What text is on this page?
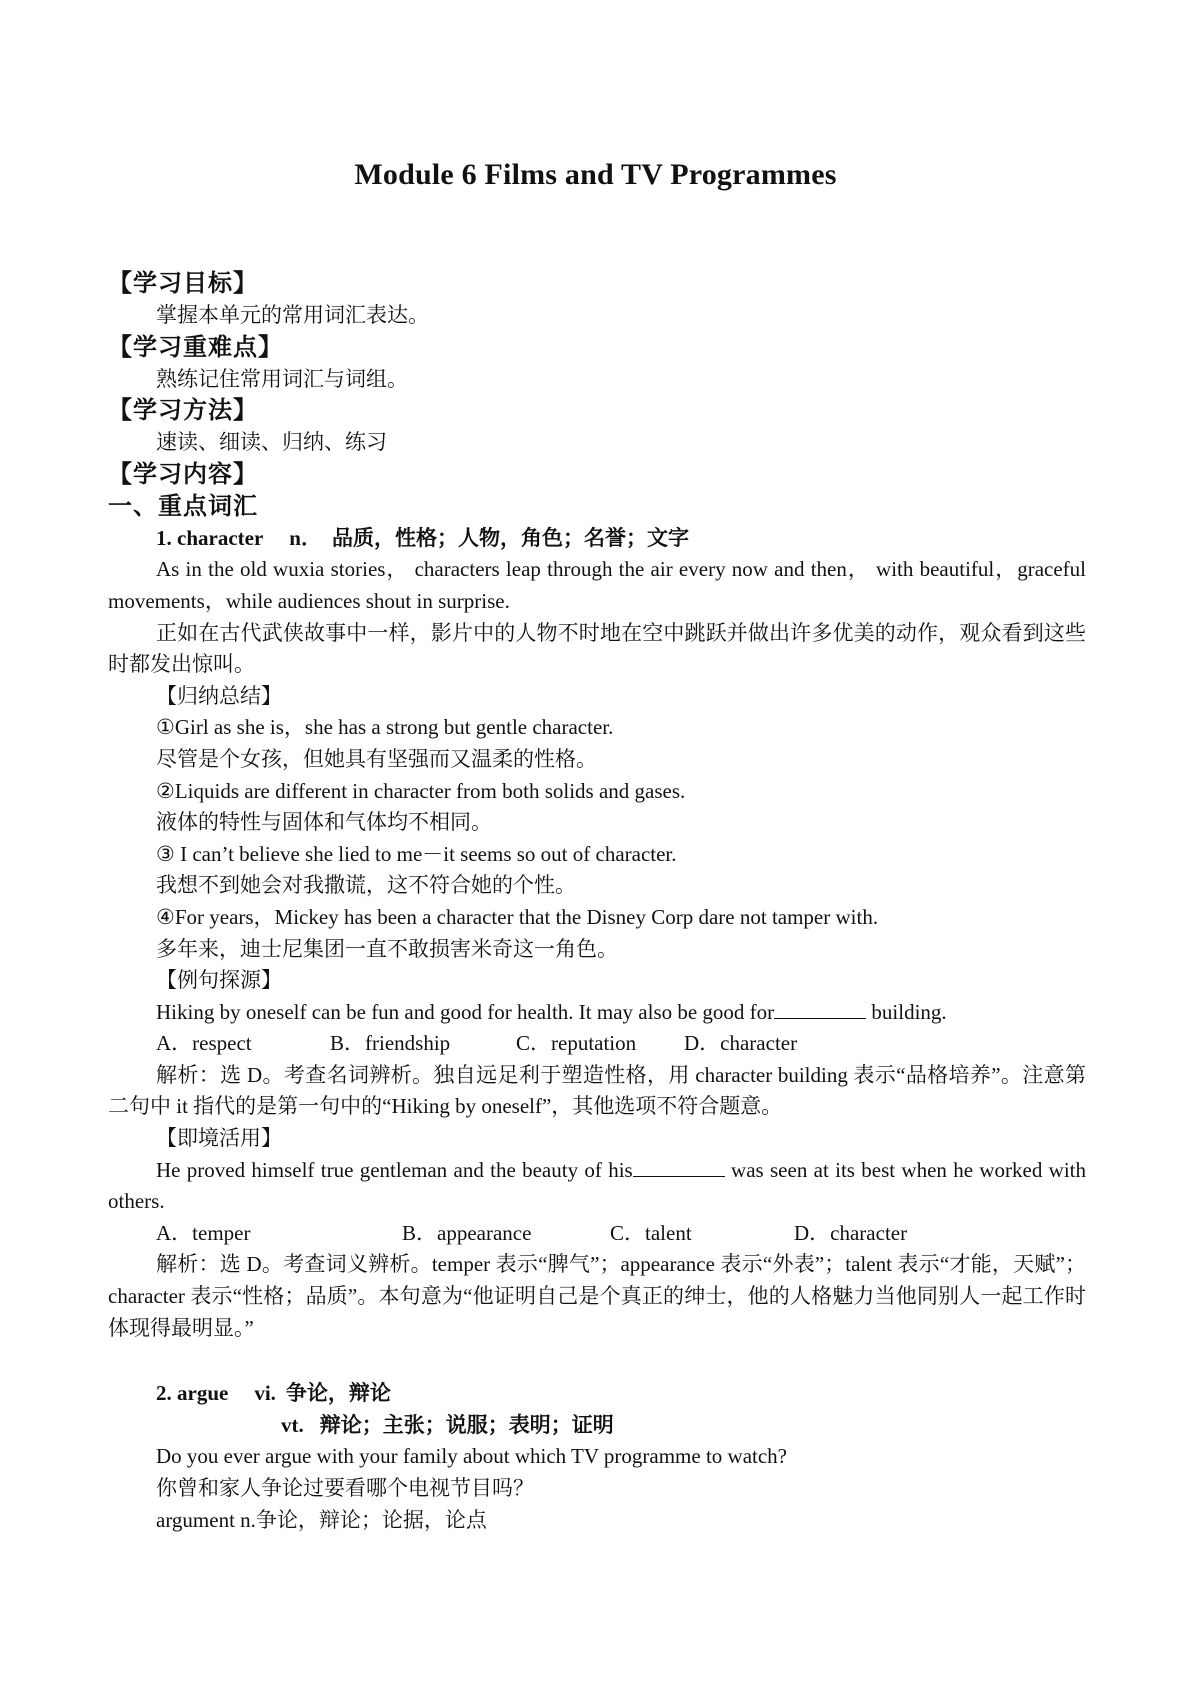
Module 6 Films and TV Programmes

【学习目标】

掌握本单元的常用词汇表达。

【学习重难点】

熟练记住常用词汇与词组。

【学习方法】

速读、细读、归纳、练习

【学习内容】

一、重点词汇

1. character n． 品质，性格；人物，角色；名誉；文字

As in the old wuxia stories， characters leap through the air every now and then， with beautiful，graceful movements，while audiences shout in surprise.

正如在古代武侠故事中一样，影片中的人物不时地在空中跳跃并做出许多优美的动作，观众看到这些时都发出惊叫。

【归纳总结】

①Girl as she is，she has a strong but gentle character.

尽管是个女孩，但她具有坚强而又温柔的性格。

②Liquids are different in character from both solids and gases.

液体的特性与固体和气体均不相同。

③ I can’t believe she lied to me－it seems so out of character.

我想不到她会对我撒谎，这不符合她的个性。

④For years，Mickey has been a character that the Disney Corp dare not tamper with.

多年来，迪士尼集团一直不敢损害米奇这一角色。

【例句探源】

Hiking by oneself can be fun and good for health. It may also be good for	building.

A．respect	B．friendship	C．reputation D．character

解析：选 D。考查名词辨析。独自远足利于塑造性格，用 character building 表示“品格培养”。注意第二句中 it 指代的是第一句中的“Hiking by oneself”，其他选项不符合题意。

【即境活用】

He proved himself true gentleman and the beauty of his	was seen at its best when he worked with others.

A．temper	B．appearance	C．talent	D．character

解析：选 D。考查词义辨析。temper 表示“脾气”；appearance 表示“外表”；talent 表示“才能，天赋”；character 表示“性格；品质”。本句意为“他证明自己是个真正的绅士，他的人格魅力当他同别人一起工作时体现得最明显。”

2. argue vi. 争论，辩论

vt. 辩论；主张；说服；表明；证明

Do you ever argue with your family about which TV programme to watch?

你曾和家人争论过要看哪个电视节目吗？

argument n.争论，辩论；论据，论点
